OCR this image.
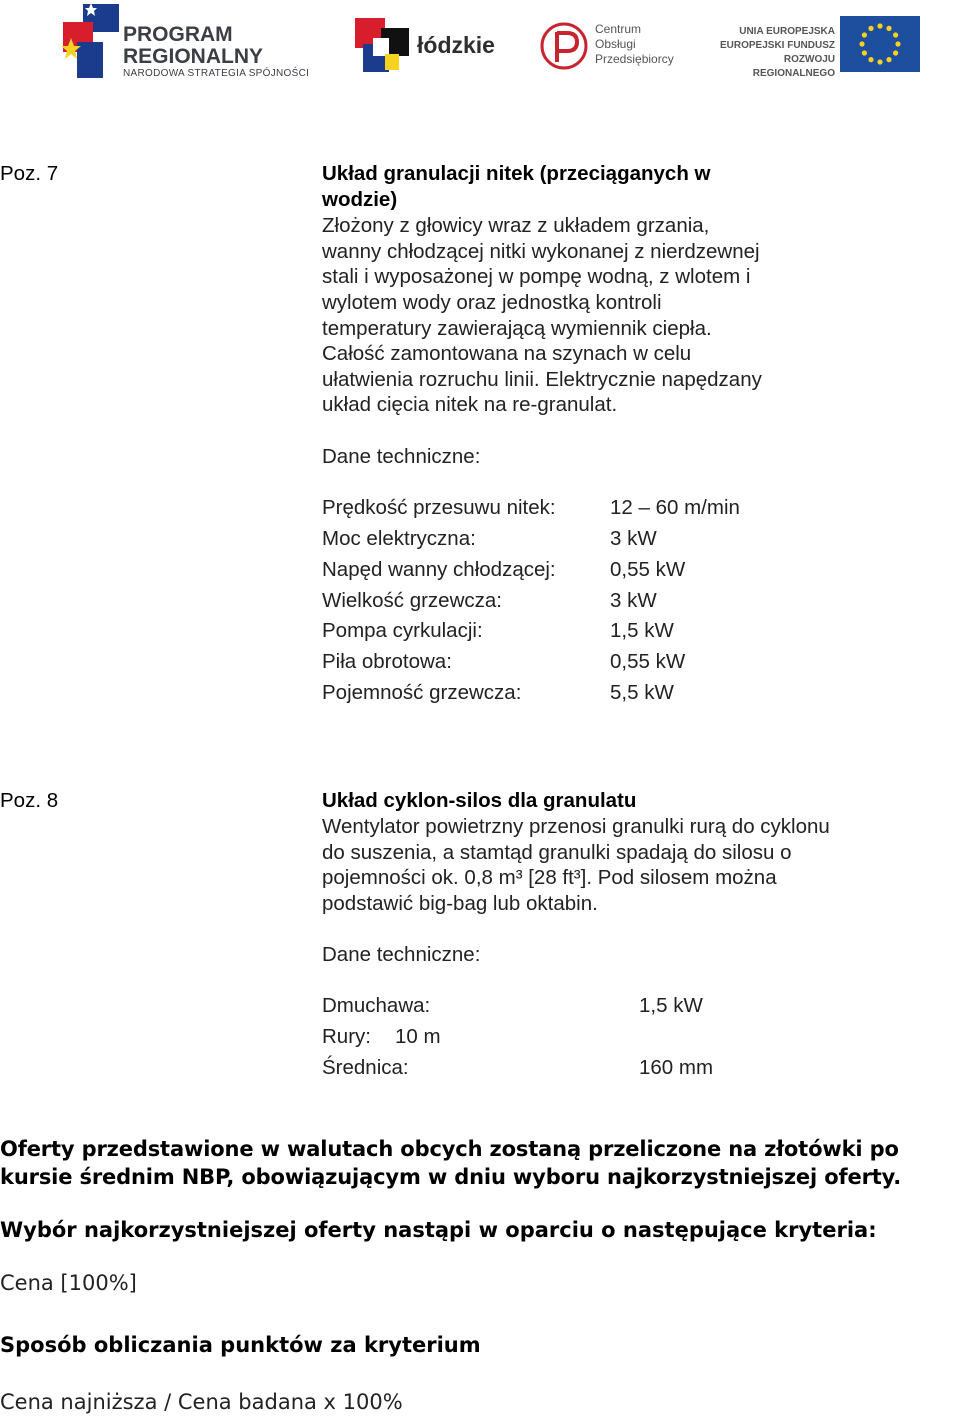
PROGRAM
REGIONALNY
NARODOWA STRATEGIA SPÓJNOŚCI
łódzkie
Centrum
Obsługi
Przedsiębiorcy
UNIA EUROPEJSKA
EUROPEJSKI FUNDUSZ
ROZWOJU REGIONALNEGO
Poz. 7	Układ granulacji nitek (przeciąganych w
wodzie)
Złożony z głowicy wraz z układem grzania,
wanny chłodzącej nitki wykonanej z nierdzewnej
stali i wyposażonej w pompę wodną, z wlotem i
wylotem wody oraz jednostką kontroli
temperatury zawierającą wymiennik ciepła.
Całość zamontowana na szynach w celu
ułatwienia rozruchu linii. Elektrycznie napędzany
układ cięcia nitek na re-granulat.
Dane techniczne:
Prędkość przesuwu nitek:	12 – 60 m/min
Moc elektryczna:	3 kW
Napęd wanny chłodzącej:	0,55 kW
Wielkość grzewcza:	3 kW
Pompa cyrkulacji:	1,5 kW
Piła obrotowa:	0,55 kW
Pojemność grzewcza:	5,5 kW
Poz. 8	Układ cyklon-silos dla granulatu
Wentylator powietrzny przenosi granulki rurą do cyklonu
do suszenia, a stamtąd granulki spadają do silosu o
pojemności ok. 0,8 m³ [28 ft³]. Pod silosem można
podstawić big-bag lub oktabin.
Dane techniczne:
Dmuchawa:	1,5 kW
Rury: 10 m
Średnica:	160 mm
Oferty przedstawione w walutach obcych zostaną przeliczone na złotówki po
kursie średnim NBP, obowiązującym w dniu wyboru najkorzystniejszej oferty.
Wybór najkorzystniejszej oferty nastąpi w oparciu o następujące kryteria:
Cena [100%]
Sposób obliczania punktów za kryterium
Cena najniższa / Cena badana x 100%
